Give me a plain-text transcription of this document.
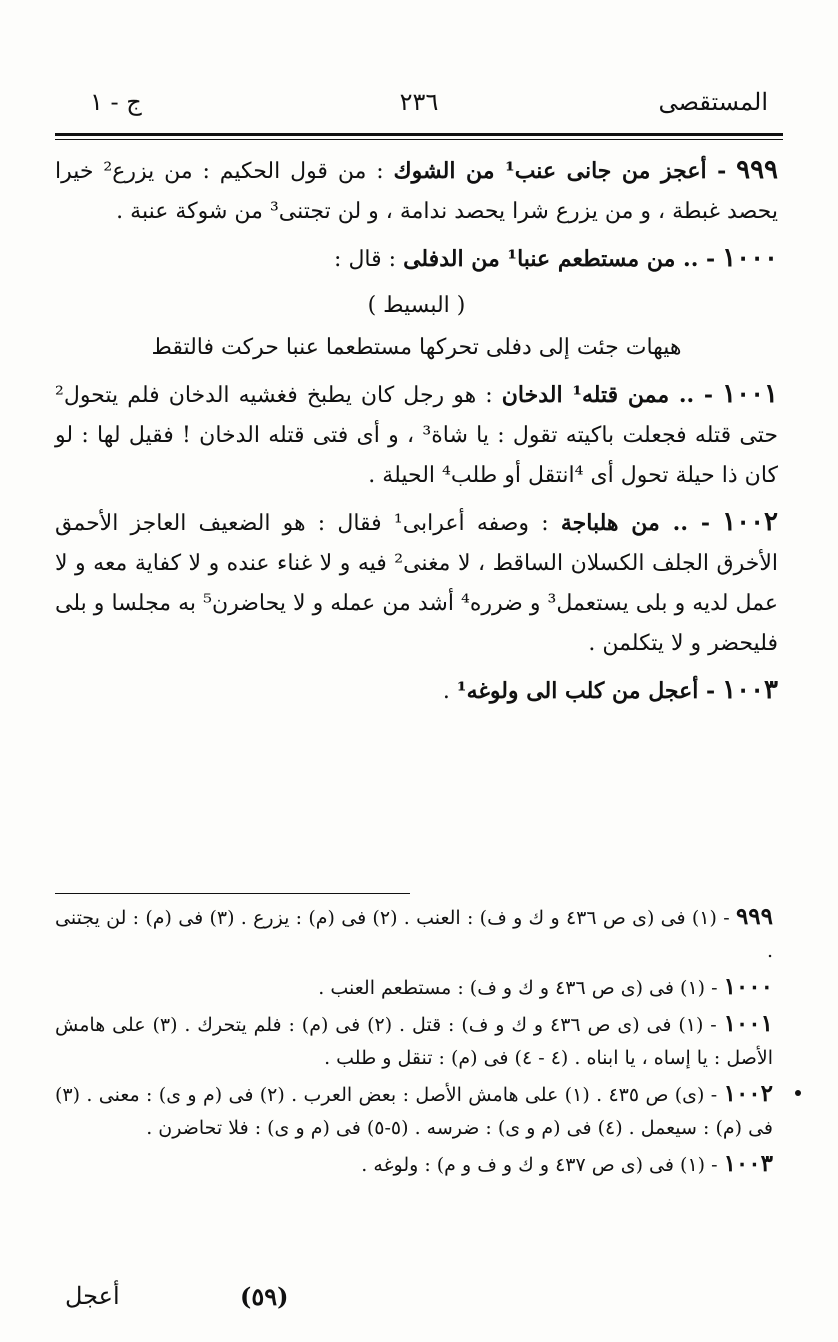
ج - ١	٢٣٦	المستقصى

٩٩٩ - أعجز من جانى عنب¹ من الشوك : من قول الحكيم : من يزرع² خيرا يحصد غبطة ، و من يزرع شرا يحصد ندامة ، و لن تجتنى³ من شوكة عنبة .

١٠٠٠ - .. من مستطعم عنبا¹ من الدفلى : قال :

( البسيط )
هيهات جئت إلى دفلى تحركها مستطعما عنبا حركت فالتقط

١٠٠١ - .. ممن قتله¹ الدخان : هو رجل كان يطبخ فغشيه الدخان فلم يتحول² حتى قتله فجعلت باكيته تقول : يا شاة³ ، و أى فتى قتله الدخان ! فقيل لها : لو كان ذا حيلة تحول أى ⁴انتقل أو طلب⁴ الحيلة .

١٠٠٢ - .. من هلباجة : وصفه أعرابى¹ فقال : هو الضعيف العاجز الأحمق الأخرق الجلف الكسلان الساقط ، لا مغنى² فيه و لا غناء عنده و لا كفاية معه و لا عمل لديه و بلى يستعمل³ و ضرره⁴ أشد من عمله و لا يحاضرن⁵ به مجلسا و بلى فليحضر و لا يتكلمن .

١٠٠٣ - أعجل من كلب الى ولوغه¹ .

٩٩٩ - (١) فى (ى ص ٤٣٦ و ك و ف) : العنب . (٢) فى (م) : يزرع . (٣) فى (م) : لن يجتنى .

١٠٠٠ - (١) فى (ى ص ٤٣٦ و ك و ف) : مستطعم العنب .

١٠٠١ - (١) فى (ى ص ٤٣٦ و ك و ف) : قتل . (٢) فى (م) : فلم يتحرك . (٣) على هامش الأصل : يا إساه ، يا ابناه . (٤ - ٤) فى (م) : تنقل و طلب .

١٠٠٢ - (ى) ص ٤٣٥ . (١) على هامش الأصل : بعض العرب . (٢) فى (م و ى) : معنى . (٣) فى (م) : سيعمل . (٤) فى (م و ى) : ضرسه . (٥-٥) فى (م و ى) : فلا تحاضرن .

١٠٠٣ - (١) فى (ى ص ٤٣٧ و ك و ف و م) : ولوغه .

أعجل	(٥٩)
